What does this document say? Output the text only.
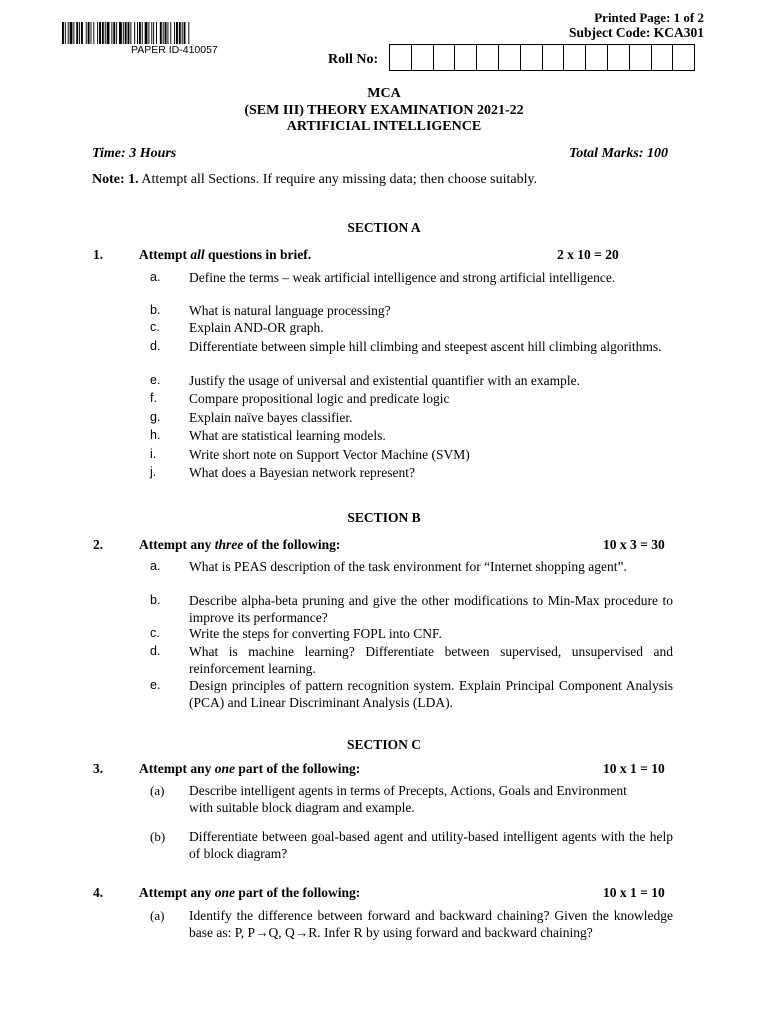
PAPER ID-410057
Printed Page: 1 of 2
Subject Code: KCA301
Roll No:
MCA
(SEM III) THEORY EXAMINATION 2021-22
ARTIFICIAL INTELLIGENCE
Time: 3 Hours	Total Marks: 100
Note: 1. Attempt all Sections. If require any missing data; then choose suitably.
SECTION A
1.	Attempt all questions in brief.	2 x 10 = 20
a. Define the terms – weak artificial intelligence and strong artificial intelligence.
b. What is natural language processing?
c. Explain AND-OR graph.
d. Differentiate between simple hill climbing and steepest ascent hill climbing algorithms.
e. Justify the usage of universal and existential quantifier with an example.
f. Compare propositional logic and predicate logic
g. Explain naïve bayes classifier.
h. What are statistical learning models.
i. Write short note on Support Vector Machine (SVM)
j. What does a Bayesian network represent?
SECTION B
2.	Attempt any three of the following:	10 x 3 = 30
a. What is PEAS description of the task environment for “Internet shopping agent”.
b. Describe alpha-beta pruning and give the other modifications to Min-Max procedure to improve its performance?
c. Write the steps for converting FOPL into CNF.
d. What is machine learning? Differentiate between supervised, unsupervised and reinforcement learning.
e. Design principles of pattern recognition system. Explain Principal Component Analysis (PCA) and Linear Discriminant Analysis (LDA).
SECTION C
3.	Attempt any one part of the following:	10 x 1 = 10
(a) Describe intelligent agents in terms of Precepts, Actions, Goals and Environment with suitable block diagram and example.
(b) Differentiate between goal-based agent and utility-based intelligent agents with the help of block diagram?
4.	Attempt any one part of the following:	10 x 1 = 10
(a) Identify the difference between forward and backward chaining? Given the knowledge base as: P, P→Q, Q→R. Infer R by using forward and backward chaining?
